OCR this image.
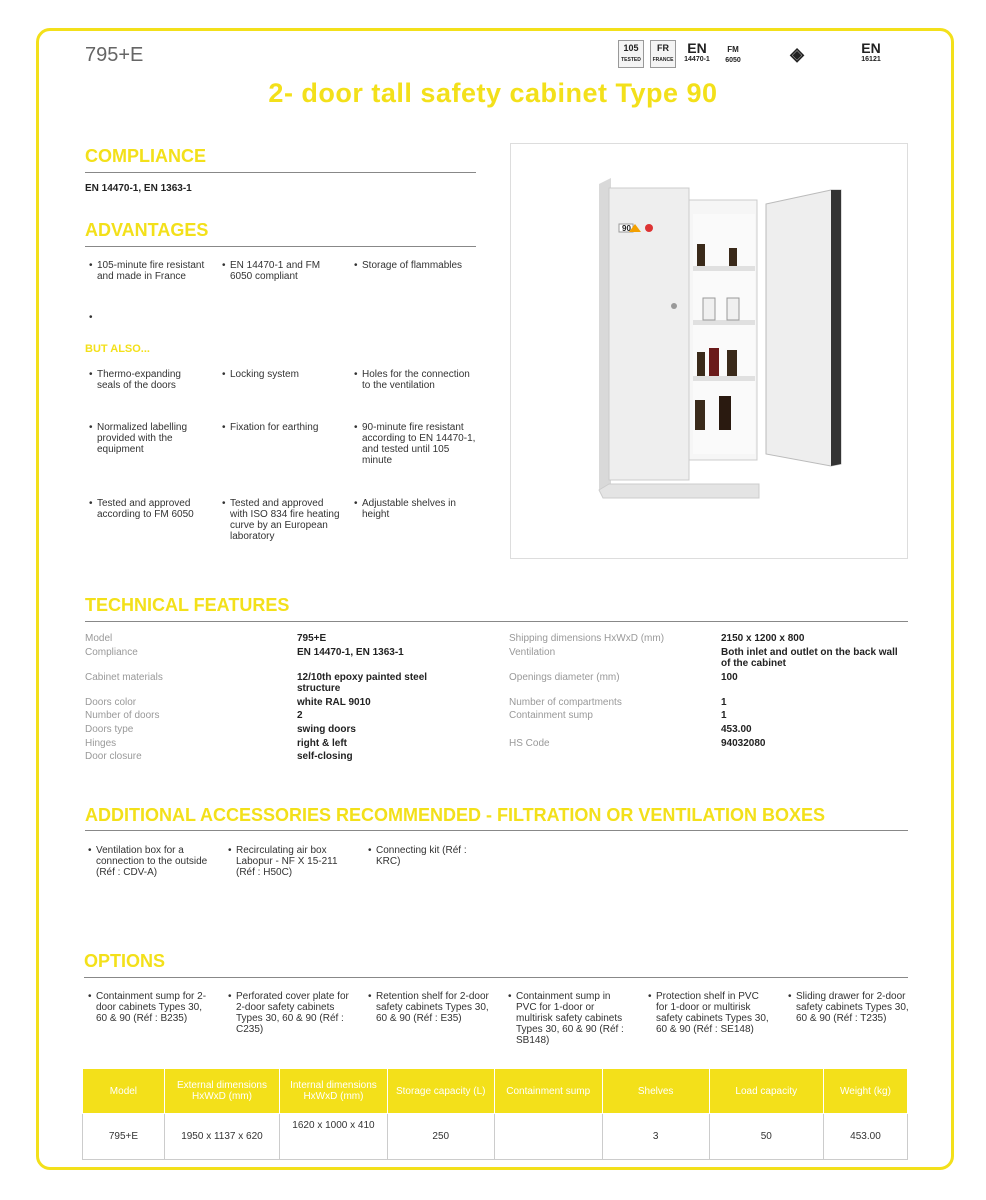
795+E	105
TESTED
FR
FRANCE
EN
14470-1
FM
6050	◈	EN
16121
2- door tall safety cabinet Type 90
COMPLIANCE
EN 14470-1, EN 1363-1
ADVANTAGES
• 105-minute fire resistant and made in France
• EN 14470-1 and FM 6050 compliant
• Storage of flammables
BUT ALSO...
• Thermo-expanding seals of the doors
• Locking system	• Holes for the connection to the ventilation
• Normalized labelling provided with the equipment
• Fixation for earthing	• 90-minute fire resistant according to EN 14470-1, and tested until 105 minute
• Tested and approved according to FM 6050
• Tested and approved with ISO 834 fire heating curve by an European laboratory
• Adjustable shelves in height
90
TECHNICAL FEATURES
Model	795+E
Compliance	EN 14470-1, EN 1363-1
Cabinet materials	12/10th epoxy painted steel structure
Doors color	white RAL 9010
Number of doors	2
Doors type	swing doors
Hinges	right & left
Door closure	self-closing
Shipping dimensions HxWxD (mm)	2150 x 1200 x 800
Ventilation	Both inlet and outlet on the back wall of the cabinet
Openings diameter (mm)	100
Number of compartments	1
Containment sump	1
453.00
HS Code	94032080
ADDITIONAL ACCESSORIES RECOMMENDED - FILTRATION OR VENTILATION BOXES
• Ventilation box for a connection to the outside (Réf : CDV-A)
• Recirculating air box Labopur - NF X 15-211 (Réf : H50C)
• Connecting kit (Réf : KRC)
OPTIONS
• Containment sump for 2- door cabinets Types 30, 60 & 90 (Réf : B235)
• Perforated cover plate for 2-door safety cabinets Types 30, 60 & 90 (Réf : C235)
• Retention shelf for 2-door safety cabinets Types 30, 60 & 90 (Réf : E35)
• Containment sump in PVC for 1-door or multirisk safety cabinets Types 30, 60 & 90 (Réf : SB148)
• Protection shelf in PVC for 1-door or multirisk safety cabinets Types 30, 60 & 90 (Réf : SE148)
• Sliding drawer for 2-door safety cabinets Types 30, 60 & 90 (Réf : T235)
Model	External dimensions HxWxD (mm)	Internal dimensions HxWxD (mm)	Storage capacity (L)	Containment sump	Shelves	Load capacity	Weight (kg)
795+E	1950 x 1137 x 620	1620 x 1000 x 410	250		3	50	453.00
